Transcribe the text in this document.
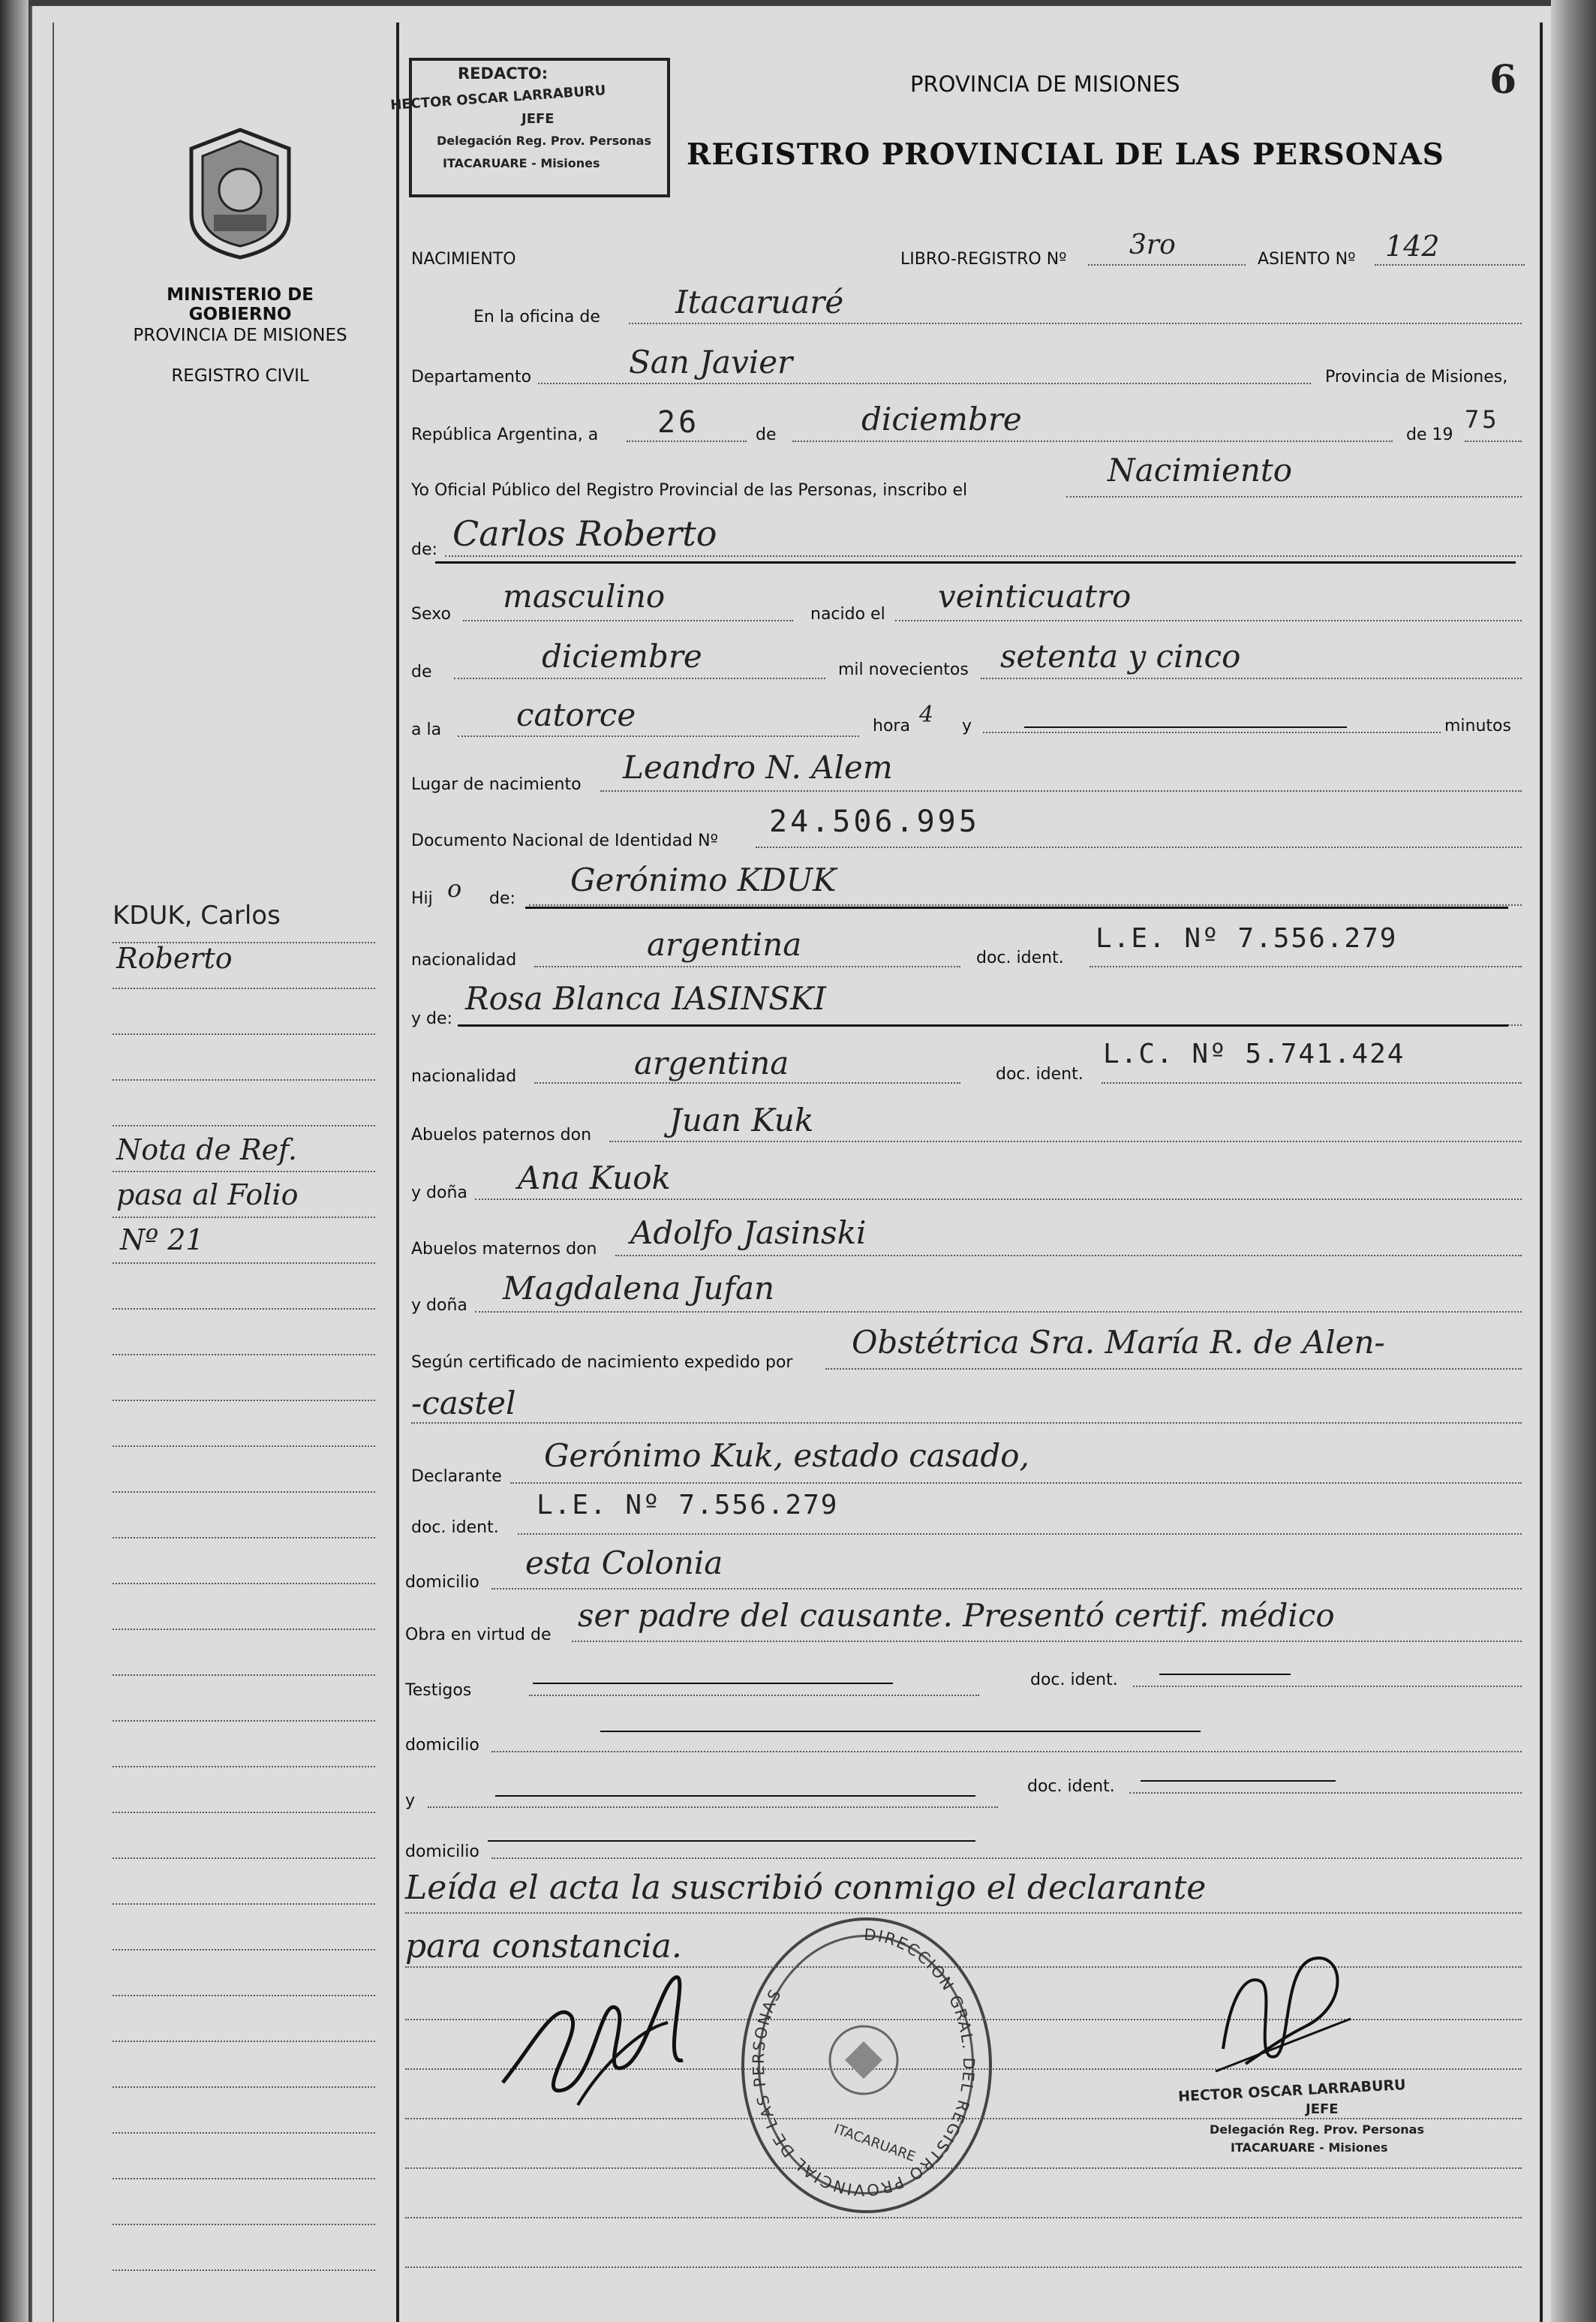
6
PROVINCIA DE MISIONES
REGISTRO PROVINCIAL DE LAS PERSONAS
REDACTO:
HECTOR OSCAR LARRABURU
JEFE
Delegación Reg. Prov. Personas
ITACARUARE - Misiones
MINISTERIO DE GOBIERNO
PROVINCIA DE MISIONES
REGISTRO CIVIL
KDUK, Carlos
Roberto
Nota de Ref.
pasa al Folio
Nº 21
NACIMIENTO	LIBRO-REGISTRO Nº 3ro	ASIENTO Nº 142
En la oficina de Itacaruaré
Departamento	San Javier	Provincia de Misiones,
República Argentina, a 26	de	diciembre	de 19
75
Yo Oficial Público del Registro Provincial de las Personas, inscribo el
Nacimiento
de: Carlos Roberto
Sexo masculino	nacido el veinticuatro
de	diciembre	mil novecientos setenta y cinco
a la catorce	hora 4 y	minutos
Lugar de nacimiento Leandro N. Alem
Documento Nacional de Identidad Nº
24.506.995
Hij o de:
Gerónimo KDUK
nacionalidad	argentina	doc. ident.
L.E. Nº 7.556.279
y de:
Rosa Blanca IASINSKI
nacionalidad	argentina	doc. ident.
L.C. Nº 5.741.424
Abuelos paternos don Juan Kuk
y doña Ana Kuok
Abuelos maternos don Adolfo Jasinski
y doña Magdalena Jufan
Según certificado de nacimiento expedido por
Obstétrica Sra. María R. de Alen-
-castel
Declarante
Gerónimo Kuk, estado casado,
doc. ident.
L.E. Nº 7.556.279
domicilio
esta Colonia
Obra en virtud de
ser padre del causante. Presentó certif. médico
Testigos
doc. ident.
domicilio
y
doc. ident.
domicilio
Leída el acta la suscribió conmigo el declarante
para constancia.	DIRECCION GRAL. DEL REGISTRO PROVINCIAL DE LAS PERSONAS
ITACARUARE
HECTOR OSCAR LARRABURU
JEFE
Delegación Reg. Prov. Personas
ITACARUARE - Misiones
